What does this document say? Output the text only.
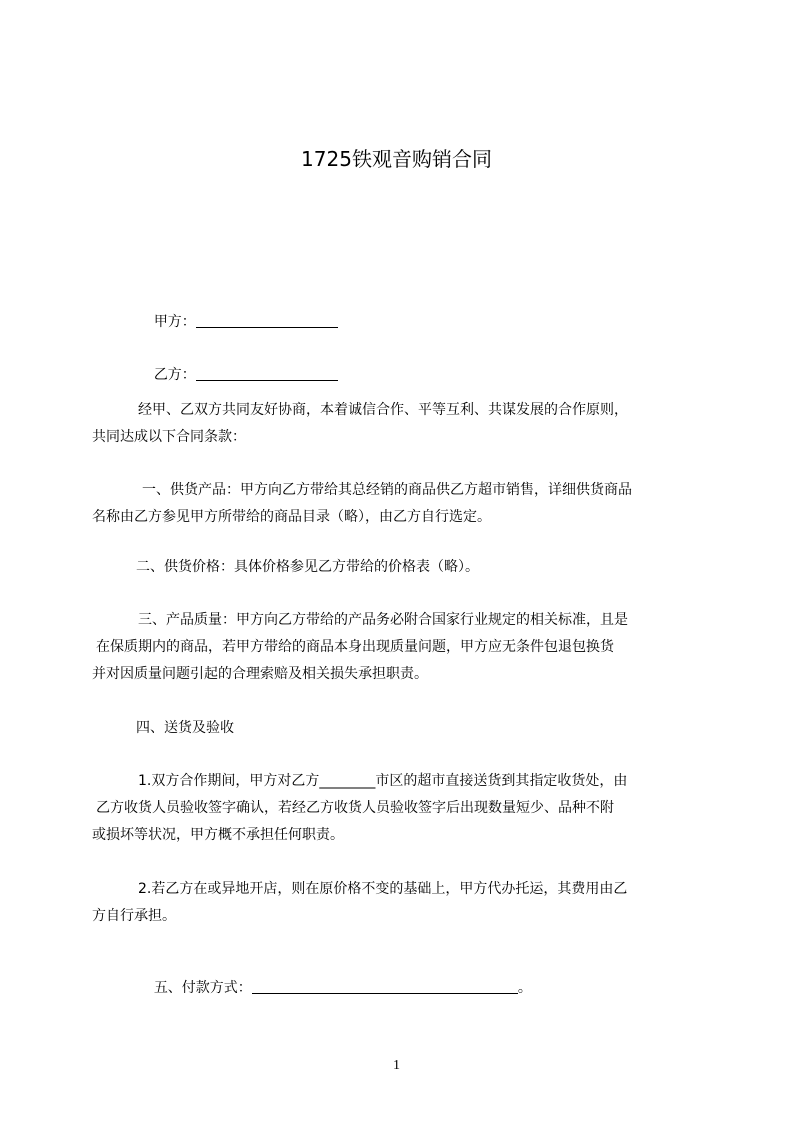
1725铁观音购销合同

甲方：

乙方：

经甲、乙双方共同友好协商，本着诚信合作、平等互利、共谋发展的合作原则，
共同达成以下合同条款：
一、供货产品：甲方向乙方带给其总经销的商品供乙方超市销售，详细供货商品
名称由乙方参见甲方所带给的商品目录（略），由乙方自行选定。
二、供货价格：具体价格参见乙方带给的价格表（略）。
三、产品质量：甲方向乙方带给的产品务必附合国家行业规定的相关标准，且是
在保质期内的商品，若甲方带给的商品本身出现质量问题，甲方应无条件包退包换货
并对因质量问题引起的合理索赔及相关损失承担职责。
四、送货及验收
1.双方合作期间，甲方对乙方________市区的超市直接送货到其指定收货处，由
乙方收货人员验收签字确认，若经乙方收货人员验收签字后出现数量短少、品种不附
或损坏等状况，甲方概不承担任何职责。
2.若乙方在或异地开店，则在原价格不变的基础上，甲方代办托运，其费用由乙
方自行承担。

五、付款方式：	。

1
